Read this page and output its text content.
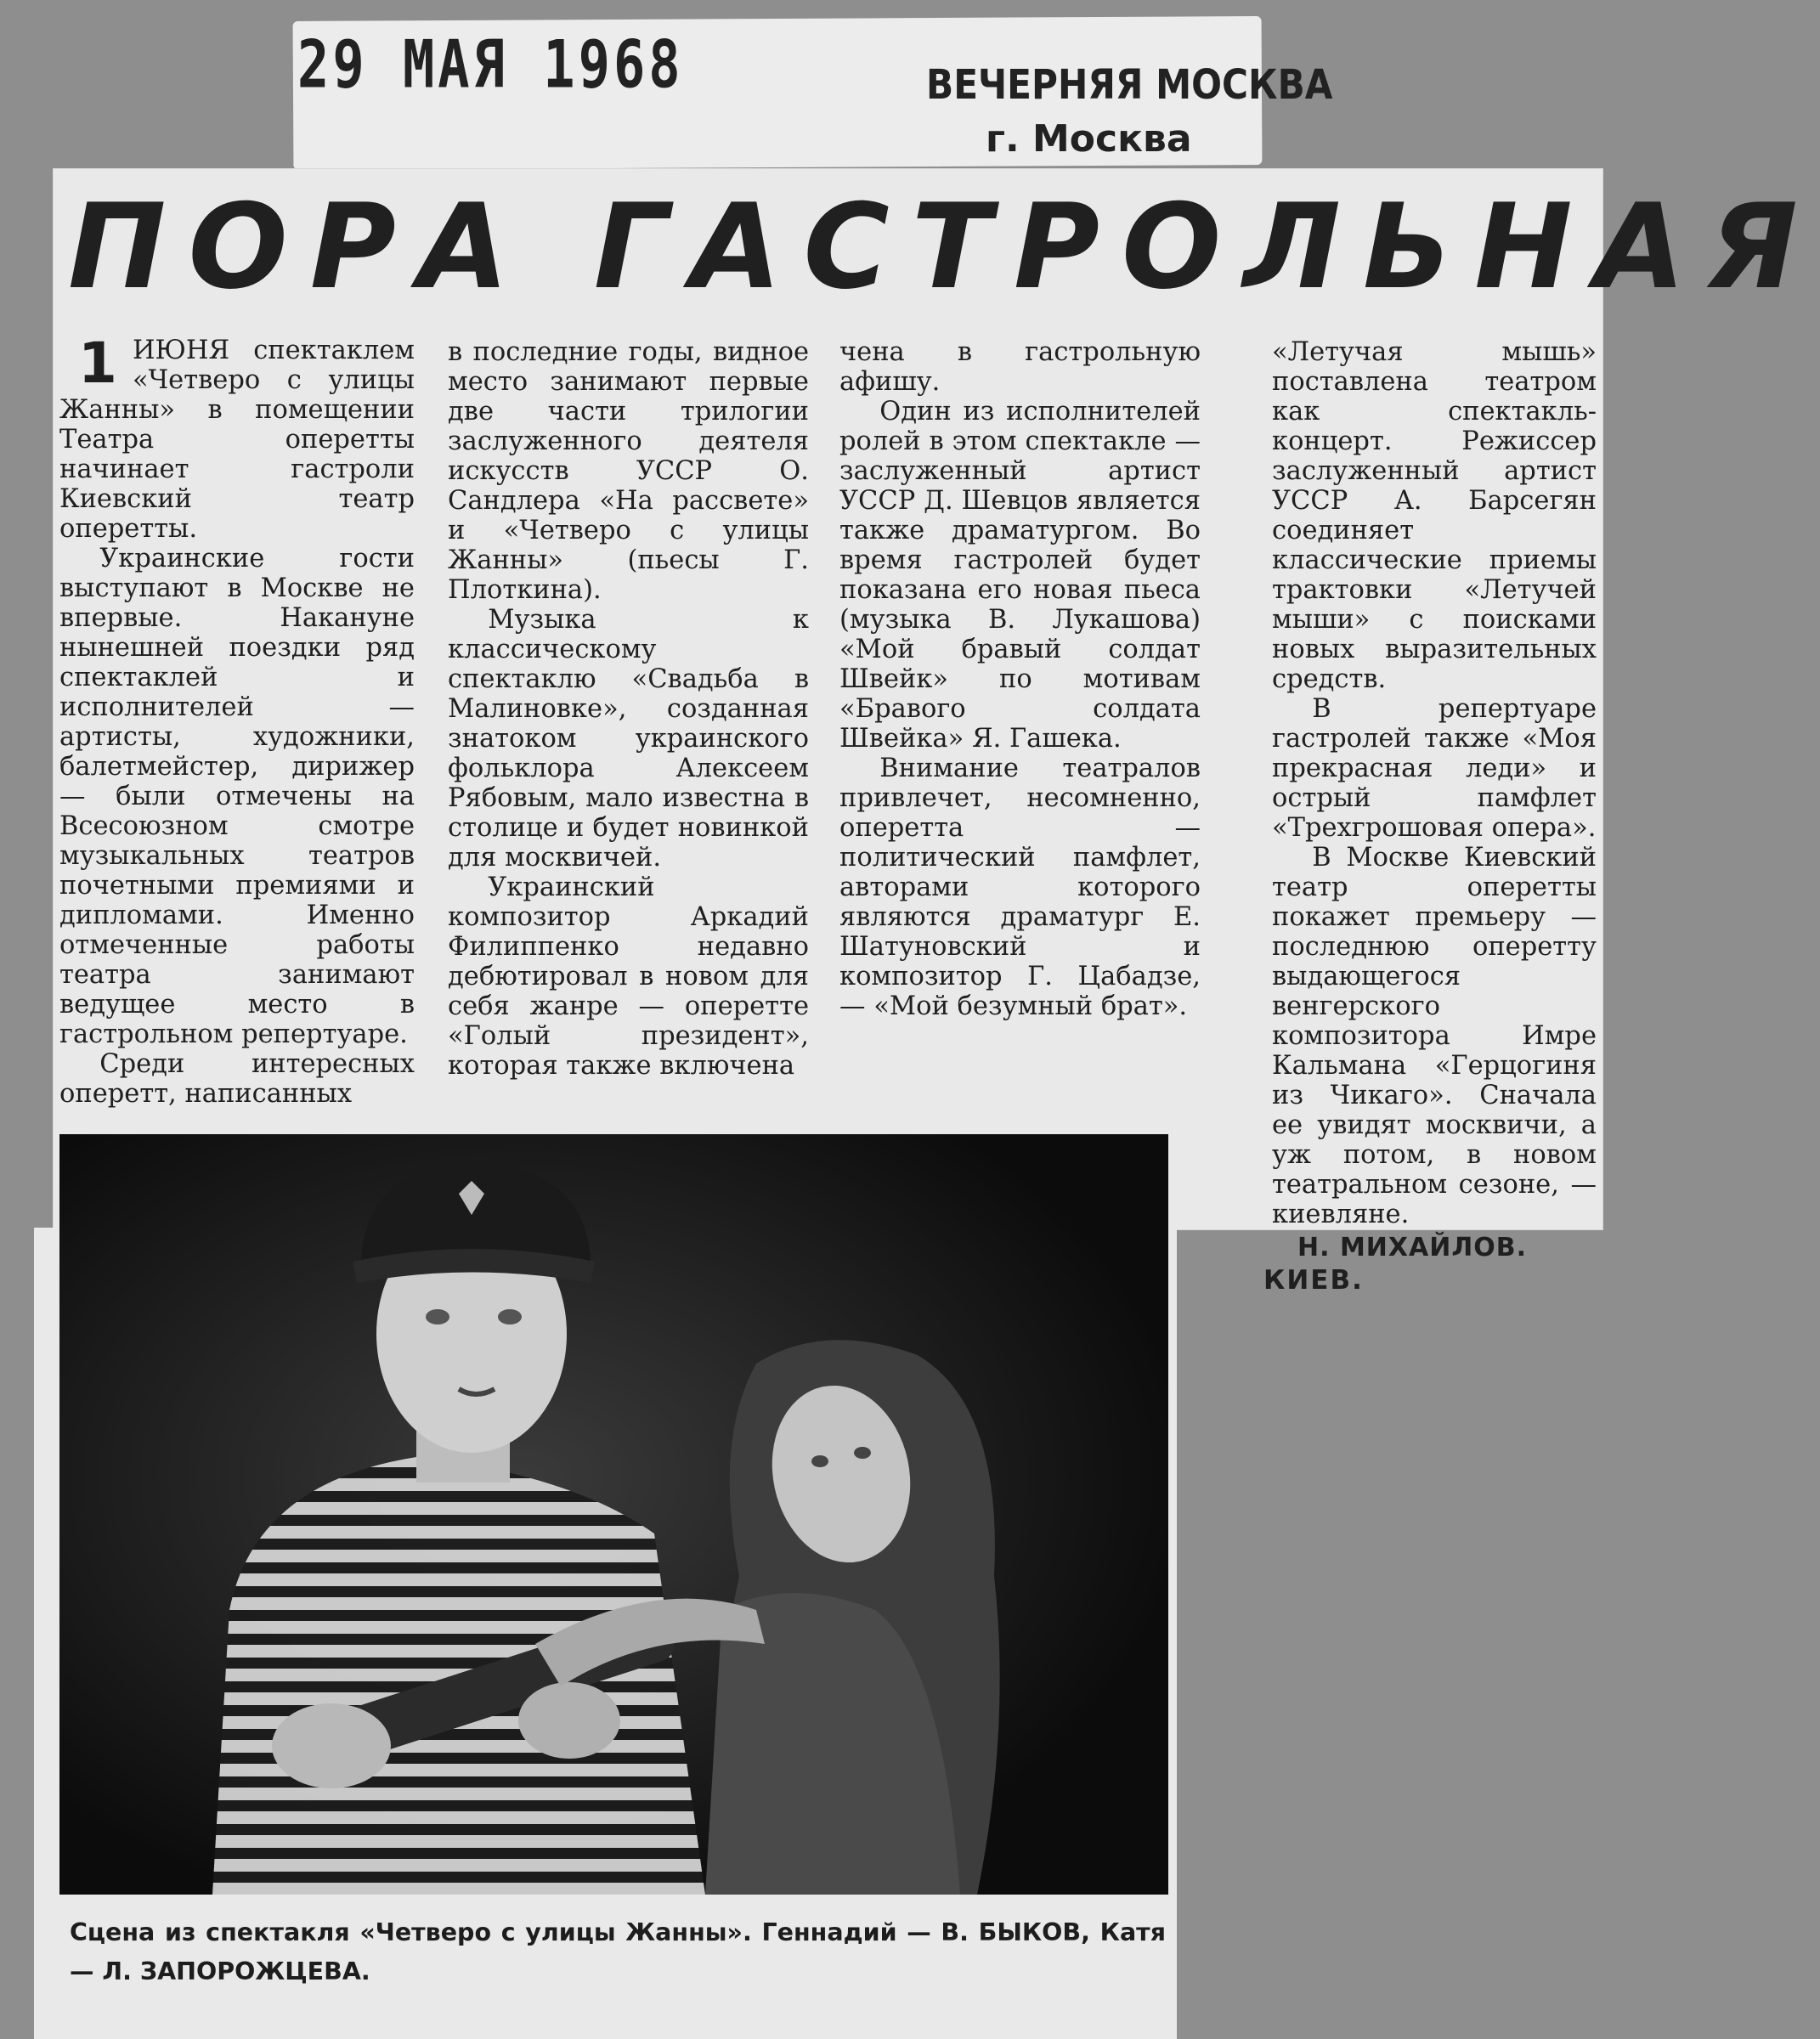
29 МАЯ 1968	ВЕЧЕРНЯЯ МОСКВА
г. Москва
ПОРА ГАСТРОЛЬНАЯ

1 ИЮНЯ спектаклем «Четверо с улицы Жанны» в помещении Театра оперетты начинает гастроли Киевский театр оперетты.

Украинские гости выступают в Москве не впервые. Накануне нынешней поездки ряд спектаклей и исполнителей — артисты, художники, балетмейстер, дирижер — были отмечены на Всесоюзном смотре музыкальных театров почетными премиями и дипломами. Именно отмеченные работы театра занимают ведущее место в гастрольном репертуаре.

Среди интересных оперетт, написанных

в последние годы, видное место занимают первые две части трилогии заслуженного деятеля искусств УССР О. Сандлера «На рассвете» и «Четверо с улицы Жанны» (пьесы Г. Плоткина).

Музыка к классическому спектаклю «Свадьба в Малиновке», созданная знатоком украинского фольклора Алексеем Рябовым, мало известна в столице и будет новинкой для москвичей.

Украинский композитор Аркадий Филиппенко недавно дебютировал в новом для себя жанре — оперетте «Голый президент», которая также включена

чена в гастрольную афишу.

Один из исполнителей ролей в этом спектакле — заслуженный артист УССР Д. Шевцов является также драматургом. Во время гастролей будет показана его новая пьеса (музыка В. Лукашова) «Мой бравый солдат Швейк» по мотивам «Бравого солдата Швейка» Я. Гашека.

Внимание театралов привлечет, несомненно, оперетта — политический памфлет, авторами которого являются драматург Е. Шатуновский и композитор Г. Цабадзе, — «Мой безумный брат».

«Летучая мышь» поставлена театром как спектакль-концерт. Режиссер заслуженный артист УССР А. Барсегян соединяет классические приемы трактовки «Летучей мыши» с поисками новых выразительных средств.

В репертуаре гастролей также «Моя прекрасная леди» и острый памфлет «Трехгрошовая опера».

В Москве Киевский театр оперетты покажет премьеру — последнюю оперетту выдающегося венгерского композитора Имре Кальмана «Герцогиня из Чикаго». Сначала ее увидят москвичи, а уж потом, в новом театральном сезоне, — киевляне.

Н. МИХАЙЛОВ.
КИЕВ.
Сцена из спектакля «Четверо с улицы Жанны». Геннадий — В. БЫКОВ, Катя — Л. ЗАПОРОЖЦЕВА.
